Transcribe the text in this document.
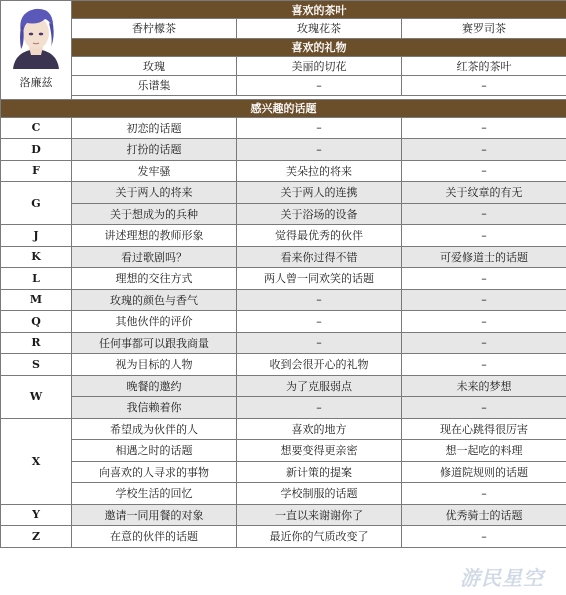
洛廉兹	喜欢的茶叶		
	香柠檬茶	玫瑰花茶	赛罗司茶
	喜欢的礼物		
	玫瑰	美丽的切花	红茶的茶叶
	乐谱集	–	–

感兴趣的话题			
C	初恋的话题	–	–
D	打扮的话题	–	–
F	发牢骚	芙朵拉的将来	–
G	关于两人的将来	关于两人的连携	关于纹章的有无
	关于想成为的兵种	关于浴场的设备	–
J	讲述理想的教师形象	觉得最优秀的伙伴	–
K	看过歌剧吗？	看来你过得不错	可爱修道士的话题
L	理想的交往方式	两人曾一同欢笑的话题	–
M	玫瑰的颜色与香气	–	–
Q	其他伙伴的评价	–	–
R	任何事都可以跟我商量	–	–
S	视为目标的人物	收到会很开心的礼物	–
W	晚餐的邀约	为了克服弱点	未来的梦想
	我信赖着你	–	–
X	希望成为伙伴的人	喜欢的地方	现在心跳得很厉害
	相遇之时的话题	想要变得更亲密	想一起吃的料理
	向喜欢的人寻求的事物	新计策的提案	修道院规则的话题
	学校生活的回忆	学校制服的话题	–
Y	邀请一同用餐的对象	一直以来谢谢你了	优秀骑士的话题
Z	在意的伙伴的话题	最近你的气质改变了	–
游民星空
